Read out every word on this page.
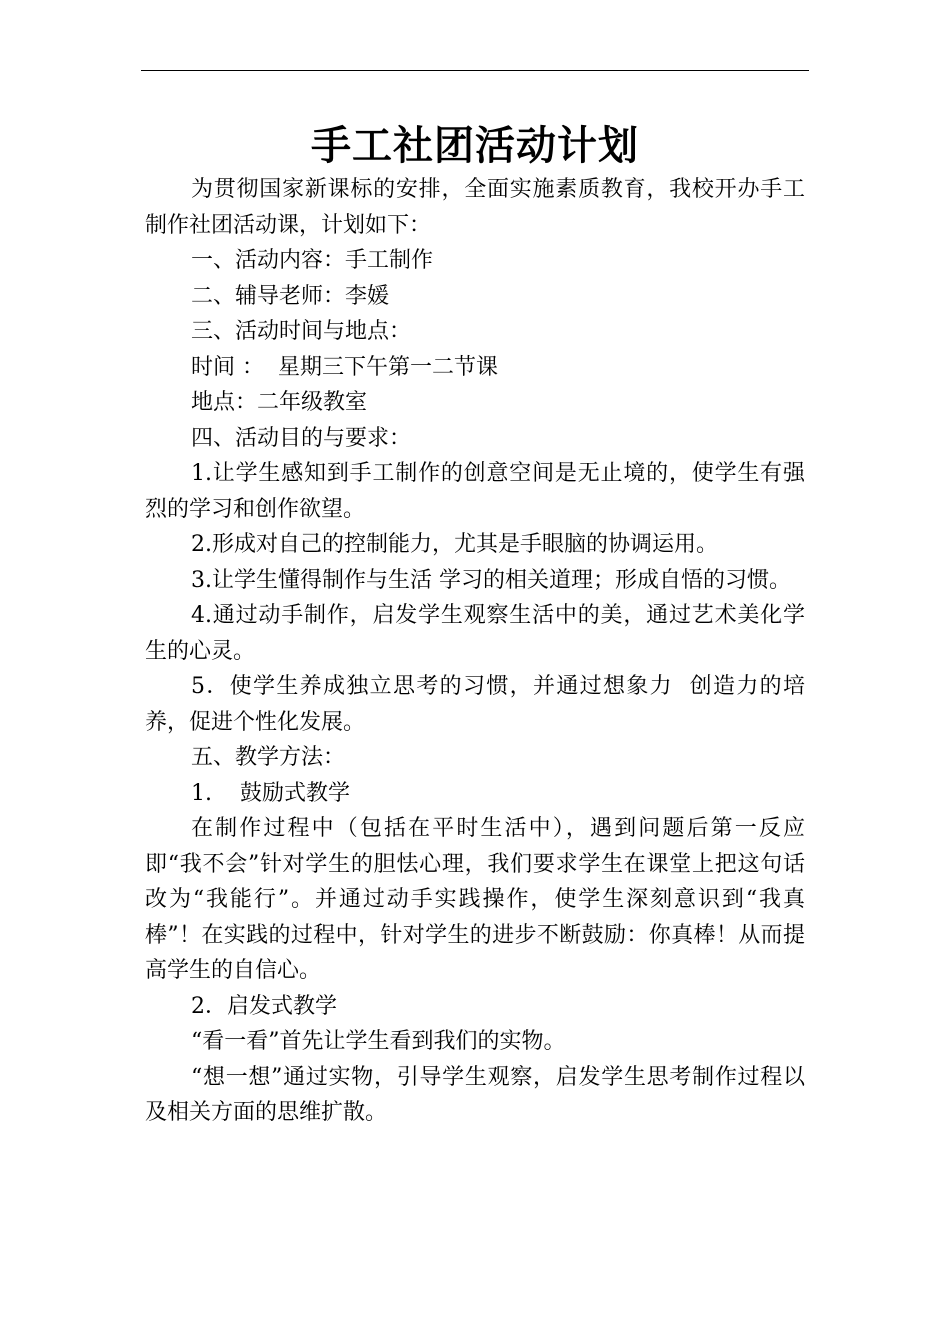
手工社团活动计划

为贯彻国家新课标的安排，全面实施素质教育，我校开办手工制作社团活动课，计划如下：

一、活动内容：手工制作

二、辅导老师：李媛

三、活动时间与地点：

时间 ：  星期三下午第一二节课

地点：二年级教室

四、活动目的与要求：

1.让学生感知到手工制作的创意空间是无止境的，使学生有强烈的学习和创作欲望。

2.形成对自己的控制能力，尤其是手眼脑的协调运用。

3.让学生懂得制作与生活 学习的相关道理；形成自悟的习惯。

4.通过动手制作，启发学生观察生活中的美，通过艺术美化学生的心灵。

5．使学生养成独立思考的习惯，并通过想象力  创造力的培养，促进个性化发展。

五、教学方法：

1.    鼓励式教学

在制作过程中（包括在平时生活中），遇到问题后第一反应即“我不会”针对学生的胆怯心理，我们要求学生在课堂上把这句话改为“我能行”。并通过动手实践操作，使学生深刻意识到“我真棒”！在实践的过程中，针对学生的进步不断鼓励：你真棒！从而提高学生的自信心。

2．启发式教学

“看一看”首先让学生看到我们的实物。

“想一想”通过实物，引导学生观察，启发学生思考制作过程以及相关方面的思维扩散。
